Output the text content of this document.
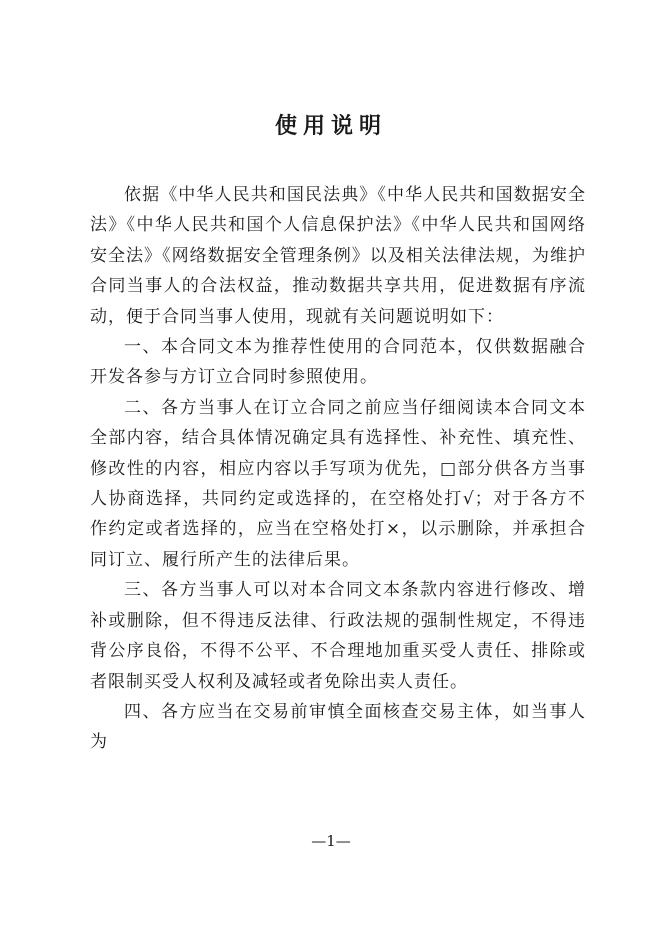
使用说明

依据《中华人民共和国民法典》《中华人民共和国数据安全法》《中华人民共和国个人信息保护法》《中华人民共和国网络安全法》《网络数据安全管理条例》以及相关法律法规，为维护合同当事人的合法权益，推动数据共享共用，促进数据有序流动，便于合同当事人使用，现就有关问题说明如下：

一、本合同文本为推荐性使用的合同范本，仅供数据融合开发各参与方订立合同时参照使用。

二、各方当事人在订立合同之前应当仔细阅读本合同文本全部内容，结合具体情况确定具有选择性、补充性、填充性、修改性的内容，相应内容以手写项为优先，□部分供各方当事人协商选择，共同约定或选择的，在空格处打√；对于各方不作约定或者选择的，应当在空格处打×，以示删除，并承担合同订立、履行所产生的法律后果。

三、各方当事人可以对本合同文本条款内容进行修改、增补或删除，但不得违反法律、行政法规的强制性规定，不得违背公序良俗，不得不公平、不合理地加重买受人责任、排除或者限制买受人权利及减轻或者免除出卖人责任。

四、各方应当在交易前审慎全面核查交易主体，如当事人为

—1—
